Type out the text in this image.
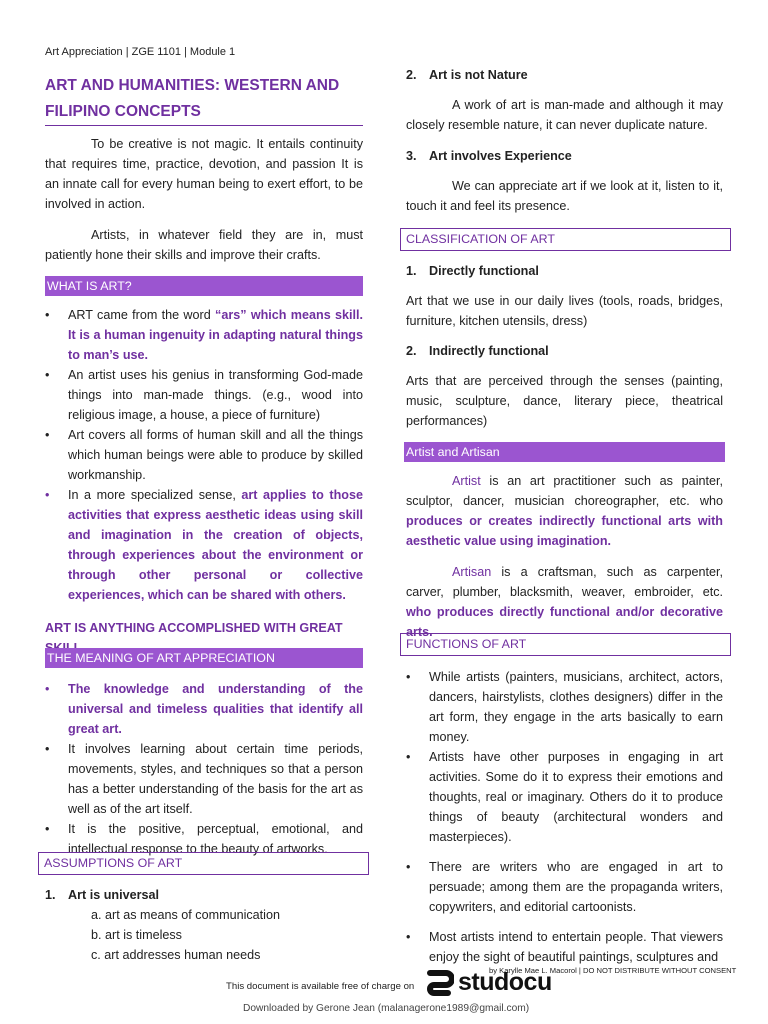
Art Appreciation | ZGE 1101 | Module 1
ART AND HUMANITIES: WESTERN AND
FILIPINO CONCEPTS

To be creative is not magic. It entails continuity that requires time, practice, devotion, and passion It is an innate call for every human being to exert effort, to be involved in action.

Artists, in whatever field they are in, must patiently hone their skills and improve their crafts.

WHAT IS ART?
• ART came from the word “ars” which means skill. It is a human ingenuity in adapting natural things to man’s use.
• An artist uses his genius in transforming God-made things into man-made things. (e.g., wood into religious image, a house, a piece of furniture)
• Art covers all forms of human skill and all the things which human beings were able to produce by skilled workmanship.
• In a more specialized sense, art applies to those activities that express aesthetic ideas using skill and imagination in the creation of objects, through experiences about the environment or through other personal or collective experiences, which can be shared with others.
ART IS ANYTHING ACCOMPLISHED WITH GREAT
THE MEANING OF ART APPRECIATION
• The knowledge and understanding of the universal and timeless qualities that identify all great art.
• It involves learning about certain time periods, movements, styles, and techniques so that a person has a better understanding of the basis for the art as well as of the art itself.
• It is the positive, perceptual, emotional, and intellectual response to the beauty of artworks.
ASSUMPTIONS OF ART
1. Art is universal
a. art as means of communication
b. art is timeless
c. art addresses human needs
2. Art is not Nature

A work of art is man-made and although it may closely resemble nature, it can never duplicate nature.

3. Art involves Experience

We can appreciate art if we look at it, listen to it, touch it and feel its presence.

CLASSIFICATION OF ART
1. Directly functional

Art that we use in our daily lives (tools, roads, bridges, furniture, kitchen utensils, dress)

2. Indirectly functional

Arts that are perceived through the senses (painting, music, sculpture, dance, literary piece, theatrical performances)

Artist and Artisan

Artist is an art practitioner such as painter, sculptor, dancer, musician choreographer, etc. who produces or creates indirectly functional arts with aesthetic value using imagination.

Artisan is a craftsman, such as carpenter, carver, plumber, blacksmith, weaver, embroider, etc. who produces directly functional and/or decorative arts.

FUNCTIONS OF ART
• While artists (painters, musicians, architect, actors, dancers, hairstylists, clothes designers) differ in the art form, they engage in the arts basically to earn money.
• Artists have other purposes in engaging in art activities. Some do it to express their emotions and thoughts, real or imaginary. Others do it to produce things of beauty (architectural wonders and masterpieces).
• There are writers who are engaged in art to persuade; among them are the propaganda writers, copywriters, and editorial cartoonists.
• Most artists intend to entertain people. That viewers enjoy the sight of beautiful paintings, sculptures and
by Karylle Mae L. Macorol | DO NOT DISTRIBUTE WITHOUT CONSENT
This document is available free of charge on studocu
Downloaded by Gerone Jean (malanagerone1989@gmail.com)
